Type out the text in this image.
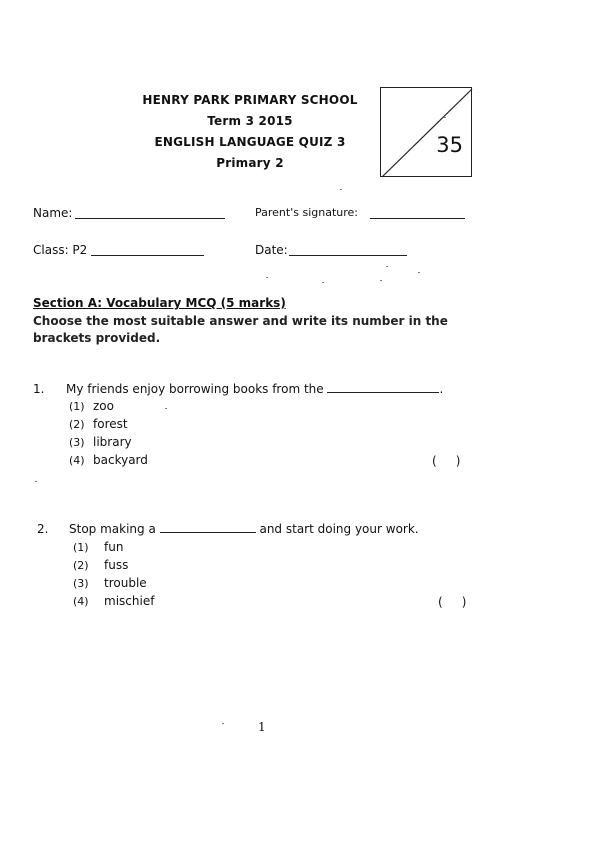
HENRY PARK PRIMARY SCHOOL
Term 3 2015
ENGLISH LANGUAGE QUIZ 3
Primary 2
35
Name:	Parent's signature:
Class: P2	Date:
Section A: Vocabulary MCQ (5 marks)
Choose the most suitable answer and write its number in the brackets provided.
1. My friends enjoy borrowing books from the	.
(1) zoo
(2) forest
(3) library
(4) backyard	(     )
2. Stop making a	and start doing your work.
(1) fun
(2) fuss
(3) trouble
(4) mischief	(     )
1
